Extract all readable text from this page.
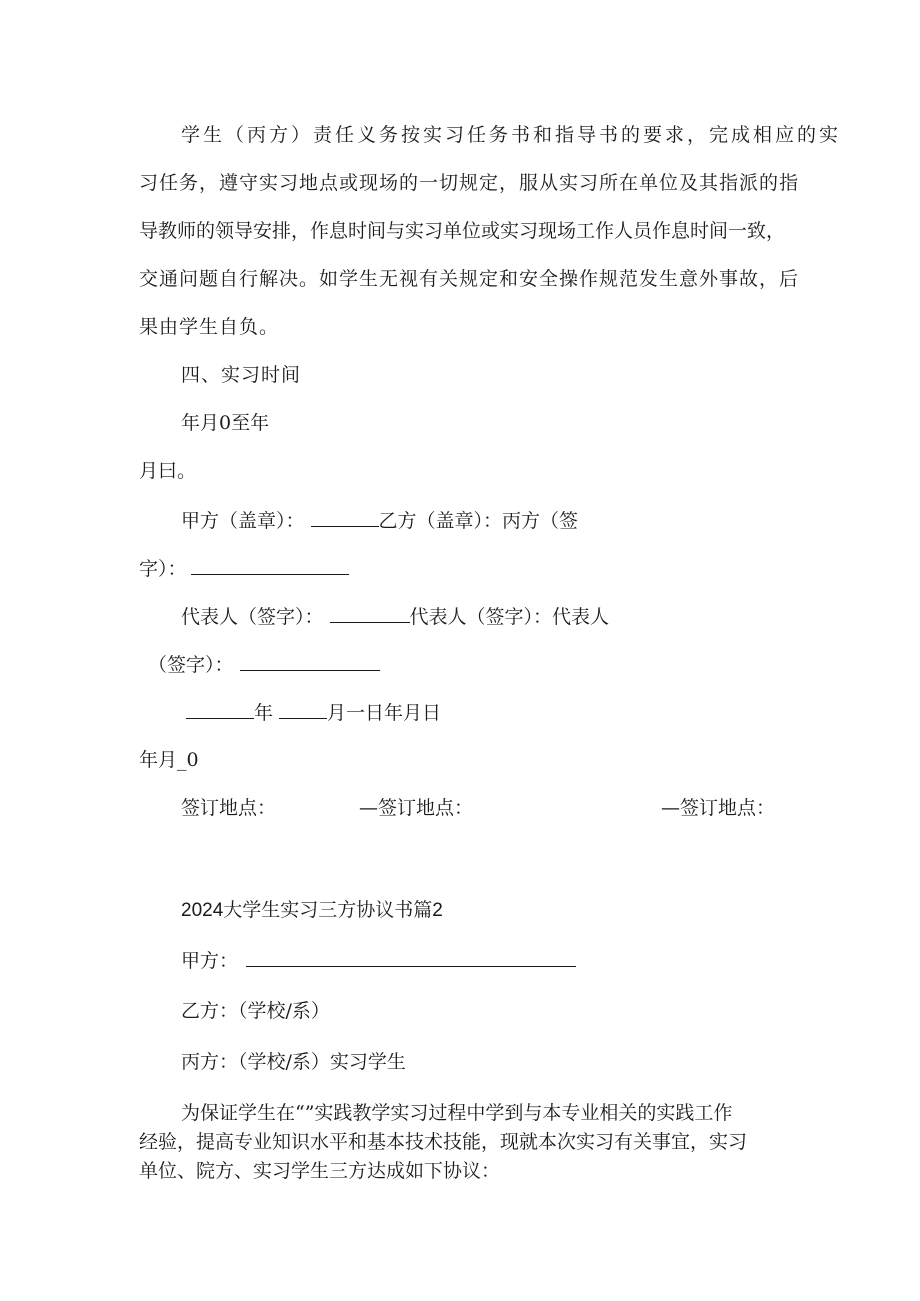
学生（丙方）责任义务按实习任务书和指导书的要求，完成相应的实
习任务，遵守实习地点或现场的一切规定，服从实习所在单位及其指派的指
导教师的领导安排，作息时间与实习单位或实习现场工作人员作息时间一致，
交通问题自行解决。如学生无视有关规定和安全操作规范发生意外事故，后
果由学生自负。
四、实习时间
年月0至年
月曰。
甲方（盖章）：	乙方（盖章）：丙方（签
字）：
代表人（签字）：	代表人（签字）：代表人
（签字）：
年	月一日年月日
年月_0
签订地点：	—签订地点：	—签订地点：
2024大学生实习三方协议书篇2
甲方：
乙方：（学校/系）
丙方：（学校/系）实习学生
为保证学生在“”实践教学实习过程中学到与本专业相关的实践工作
经验，提高专业知识水平和基本技术技能，现就本次实习有关事宜，实习
单位、院方、实习学生三方达成如下协议：
